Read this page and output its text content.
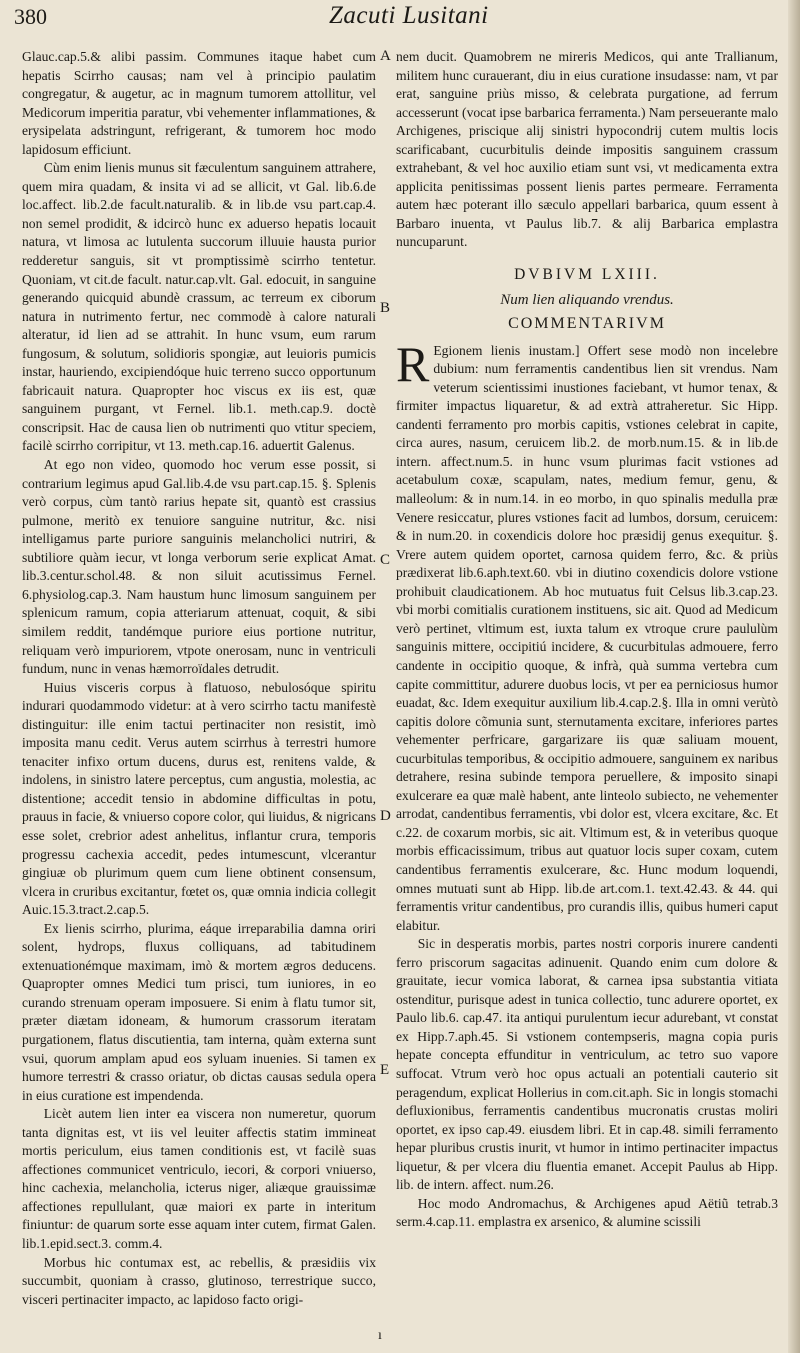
380	Zacuti Lusitani
A
B
C
D
E

Glauc.cap.5.& alibi passim. Communes itaque habet cum hepatis Scirrho causas; nam vel à principio paulatim congregatur, & augetur, ac in magnum tumorem attollitur, vel Medicorum imperitia paratur, vbi vehementer inflammationes, & erysipelata adstringunt, refrigerant, & tumorem hoc modo lapidosum efficiunt.

Cùm enim lienis munus sit fæculentum sanguinem attrahere, quem mira quadam, & insita vi ad se allicit, vt Gal. lib.6.de loc.affect. lib.2.de facult.naturalib. & in lib.de vsu part.cap.4. non semel prodidit, & idcircò hunc ex aduerso hepatis locauit natura, vt limosa ac lutulenta succorum illuuie hausta purior redderetur sanguis, sit vt promptissimè scirrho tentetur. Quoniam, vt cit.de facult. natur.cap.vlt. Gal. edocuit, in sanguine generando quicquid abundè crassum, ac terreum ex ciborum natura in nutrimento fertur, nec commodè à calore naturali alteratur, id lien ad se attrahit. In hunc vsum, eum rarum fungosum, & solutum, solidioris spongiæ, aut leuioris pumicis instar, hauriendo, excipiendóque huic terreno succo opportunum fabricauit natura. Quapropter hoc viscus ex iis est, quæ sanguinem purgant, vt Fernel. lib.1. meth.cap.9. doctè conscripsit. Hac de causa lien ob nutrimenti quo vtitur speciem, facilè scirrho corripitur, vt 13. meth.cap.16. aduertit Galenus.

At ego non video, quomodo hoc verum esse possit, si contrarium legimus apud Gal.lib.4.de vsu part.cap.15. §. Splenis verò corpus, cùm tantò rarius hepate sit, quantò est crassius pulmone, meritò ex tenuiore sanguine nutritur, &c. nisi intelligamus parte puriore sanguinis melancholici nutriri, & subtiliore quàm iecur, vt longa verborum serie explicat Amat. lib.3.centur.schol.48. & non siluit acutissimus Fernel. 6.physiolog.cap.3. Nam haustum hunc limosum sanguinem per splenicum ramum, copia atteriarum attenuat, coquit, & sibi similem reddit, tandémque puriore eius portione nutritur, reliquam verò impuriorem, vtpote onerosam, nunc in ventriculi fundum, nunc in venas hæmorroïdales detrudit.

Huius visceris corpus à flatuoso, nebulosóque spiritu indurari quodammodo videtur: at à vero scirrho tactu manifestè distinguitur: ille enim tactui pertinaciter non resistit, imò imposita manu cedit. Verus autem scirrhus à terrestri humore tenaciter infixo ortum ducens, durus est, renitens valde, & indolens, in sinistro latere perceptus, cum angustia, molestia, ac distentione; accedit tensio in abdomine difficultas in potu, prauus in facie, & vniuerso copore color, qui liuidus, & nigricans esse solet, crebrior adest anhelitus, inflantur crura, temporis progressu cachexia accedit, pedes intumescunt, vlcerantur gingiuæ ob plurimum quem cum liene obtinent consensum, vlcera in cruribus excitantur, fœtet os, quæ omnia indicia collegit Auic.15.3.tract.2.cap.5.

Ex lienis scirrho, plurima, eáque irreparabilia damna oriri solent, hydrops, fluxus colliquans, ad tabitudinem extenuationémque maximam, imò & mortem ægros deducens. Quapropter omnes Medici tum prisci, tum iuniores, in eo curando strenuam operam imposuere. Si enim à flatu tumor sit, præter diætam idoneam, & humorum crassorum iteratam purgationem, flatus discutientia, tam interna, quàm externa sunt vsui, quorum amplam apud eos syluam inuenies. Si tamen ex humore terrestri & crasso oriatur, ob dictas causas sedula opera in eius curatione est impendenda.

Licèt autem lien inter ea viscera non numeretur, quorum tanta dignitas est, vt iis vel leuiter affectis statim immineat mortis periculum, eius tamen conditionis est, vt facilè suas affectiones communicet ventriculo, iecori, & corpori vniuerso, hinc cachexia, melancholia, icterus niger, aliæque grauissimæ affectiones repullulant, quæ maiori ex parte in interitum finiuntur: de quarum sorte esse aquam inter cutem, firmat Galen. lib.1.epid.sect.3. comm.4.

Morbus hic contumax est, ac rebellis, & præsidiis vix succumbit, quoniam à crasso, glutinoso, terrestrique succo, visceri pertinaciter impacto, ac lapidoso facto origi-

nem ducit. Quamobrem ne mireris Medicos, qui ante Trallianum, militem hunc curauerant, diu in eius curatione insudasse: nam, vt par erat, sanguine priùs misso, & celebrata purgatione, ad ferrum accesserunt (vocat ipse barbarica ferramenta.) Nam perseuerante malo Archigenes, priscique alij sinistri hypocondrij cutem multis locis scarificabant, cucurbitulis deinde impositis sanguinem crassum extrahebant, & vel hoc auxilio etiam sunt vsi, vt medicamenta extra applicita penitissimas possent lienis partes permeare. Ferramenta autem hæc poterant illo sæculo appellari barbarica, quum essent à Barbaro inuenta, vt Paulus lib.7. & alij Barbarica emplastra nuncuparunt.

DVBIVM LXIII.
Num lien aliquando vrendus.
COMMENTARIVM

R Egionem lienis inustam.] Offert sese modò non incelebre dubium: num ferramentis candentibus lien sit vrendus. Nam veterum scientissimi inustiones faciebant, vt humor tenax, & firmiter impactus liquaretur, & ad extrà attraheretur. Sic Hipp. candenti ferramento pro morbis capitis, vstiones celebrat in capite, circa aures, nasum, ceruicem lib.2. de morb.num.15. & in lib.de intern. affect.num.5. in hunc vsum plurimas facit vstiones ad acetabulum coxæ, scapulam, nates, medium femur, genu, & malleolum: & in num.14. in eo morbo, in quo spinalis medulla præ Venere resiccatur, plures vstiones facit ad lumbos, dorsum, ceruicem: & in num.20. in coxendicis dolore hoc præsidij genus exequitur. §. Vrere autem quidem oportet, carnosa quidem ferro, &c. & priùs prædixerat lib.6.aph.text.60. vbi in diutino coxendicis dolore vstione prohibuit claudicationem. Ab hoc mutuatus fuit Celsus lib.3.cap.23. vbi morbi comitialis curationem instituens, sic ait. Quod ad Medicum verò pertinet, vltimum est, iuxta talum ex vtroque crure paululùm sanguinis mittere, occipitiú incidere, & cucurbitulas admouere, ferro candente in occipitio quoque, & infrà, quà summa vertebra cum capite committitur, adurere duobus locis, vt per ea perniciosus humor euadat, &c. Idem exequitur auxilium lib.4.cap.2.§. Illa in omni verùtò capitis dolore cõmunia sunt, sternutamenta excitare, inferiores partes vehementer perfricare, gargarizare iis quæ saliuam mouent, cucurbitulas temporibus, & occipitio admouere, sanguinem ex naribus detrahere, resina subinde tempora peruellere, & imposito sinapi exulcerare ea quæ malè habent, ante linteolo subiecto, ne vehementer arrodat, candentibus ferramentis, vbi dolor est, vlcera excitare, &c. Et c.22. de coxarum morbis, sic ait. Vltimum est, & in veteribus quoque morbis efficacissimum, tribus aut quatuor locis super coxam, cutem candentibus ferramentis exulcerare, &c. Hunc modum loquendi, omnes mutuati sunt ab Hipp. lib.de art.com.1. text.42.43. & 44. qui ferramentis vritur candentibus, pro curandis illis, quibus humeri caput elabitur.

Sic in desperatis morbis, partes nostri corporis inurere candenti ferro priscorum sagacitas adinuenit. Quando enim cum dolore & grauitate, iecur vomica laborat, & carnea ipsa substantia vitiata ostenditur, purisque adest in tunica collectio, tunc adurere oportet, ex Paulo lib.6. cap.47. ita antiqui purulentum iecur adurebant, vt constat ex Hipp.7.aph.45. Si vstionem contempseris, magna copia puris hepate concepta effunditur in ventriculum, ac tetro suo vapore suffocat. Vtrum verò hoc opus actuali an potentiali cauterio sit peragendum, explicat Hollerius in com.cit.aph. Sic in longis stomachi defluxionibus, ferramentis candentibus mucronatis crustas moliri oportet, ex ipso cap.49. eiusdem libri. Et in cap.48. simili ferramento hepar pluribus crustis inurit, vt humor in intimo pertinaciter impactus liquetur, & per vlcera diu fluentia emanet. Accepit Paulus ab Hipp. lib. de intern. affect. num.26.

Hoc modo Andromachus, & Archigenes apud Aëtiũ tetrab.3 serm.4.cap.11. emplastra ex arsenico, & alumine scissili

ı
